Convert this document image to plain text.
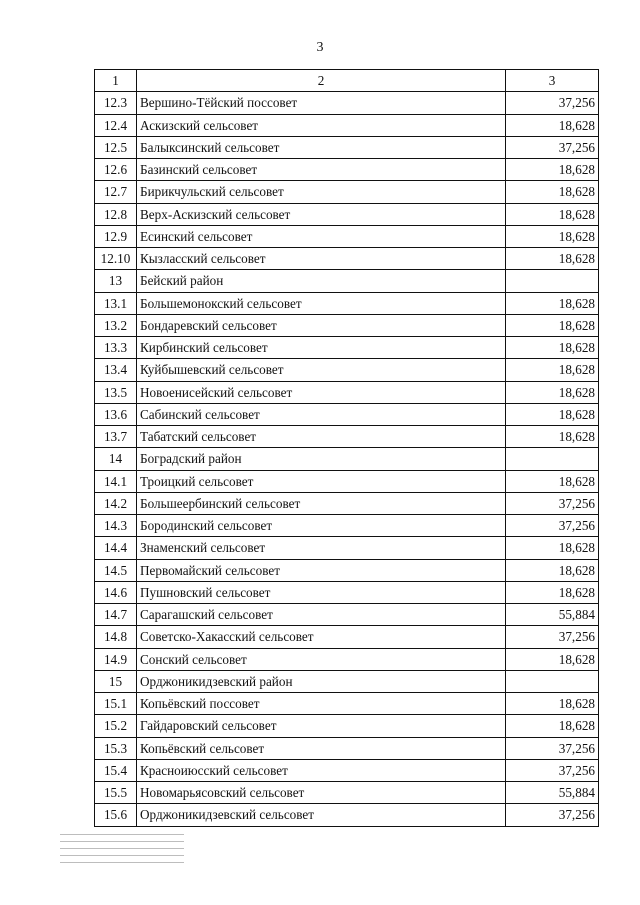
3
1	2	3
12.3	Вершино-Тёйский поссовет	37,256
12.4	Аскизский сельсовет	18,628
12.5	Балыксинский сельсовет	37,256
12.6	Базинский сельсовет	18,628
12.7	Бирикчульский сельсовет	18,628
12.8	Верх-Аскизский сельсовет	18,628
12.9	Есинский сельсовет	18,628
12.10	Кызласский сельсовет	18,628
13	Бейский район	
13.1	Большемонокский сельсовет	18,628
13.2	Бондаревский сельсовет	18,628
13.3	Кирбинский сельсовет	18,628
13.4	Куйбышевский сельсовет	18,628
13.5	Новоенисейский сельсовет	18,628
13.6	Сабинский сельсовет	18,628
13.7	Табатский сельсовет	18,628
14	Боградский район	
14.1	Троицкий сельсовет	18,628
14.2	Большеербинский сельсовет	37,256
14.3	Бородинский сельсовет	37,256
14.4	Знаменский сельсовет	18,628
14.5	Первомайский сельсовет	18,628
14.6	Пушновский сельсовет	18,628
14.7	Сарагашский сельсовет	55,884
14.8	Советско-Хакасский сельсовет	37,256
14.9	Сонский сельсовет	18,628
15	Орджоникидзевский район	
15.1	Копьёвский поссовет	18,628
15.2	Гайдаровский сельсовет	18,628
15.3	Копьёвский сельсовет	37,256
15.4	Красноиюсский сельсовет	37,256
15.5	Новомарьясовский сельсовет	55,884
15.6	Орджоникидзевский сельсовет	37,256
